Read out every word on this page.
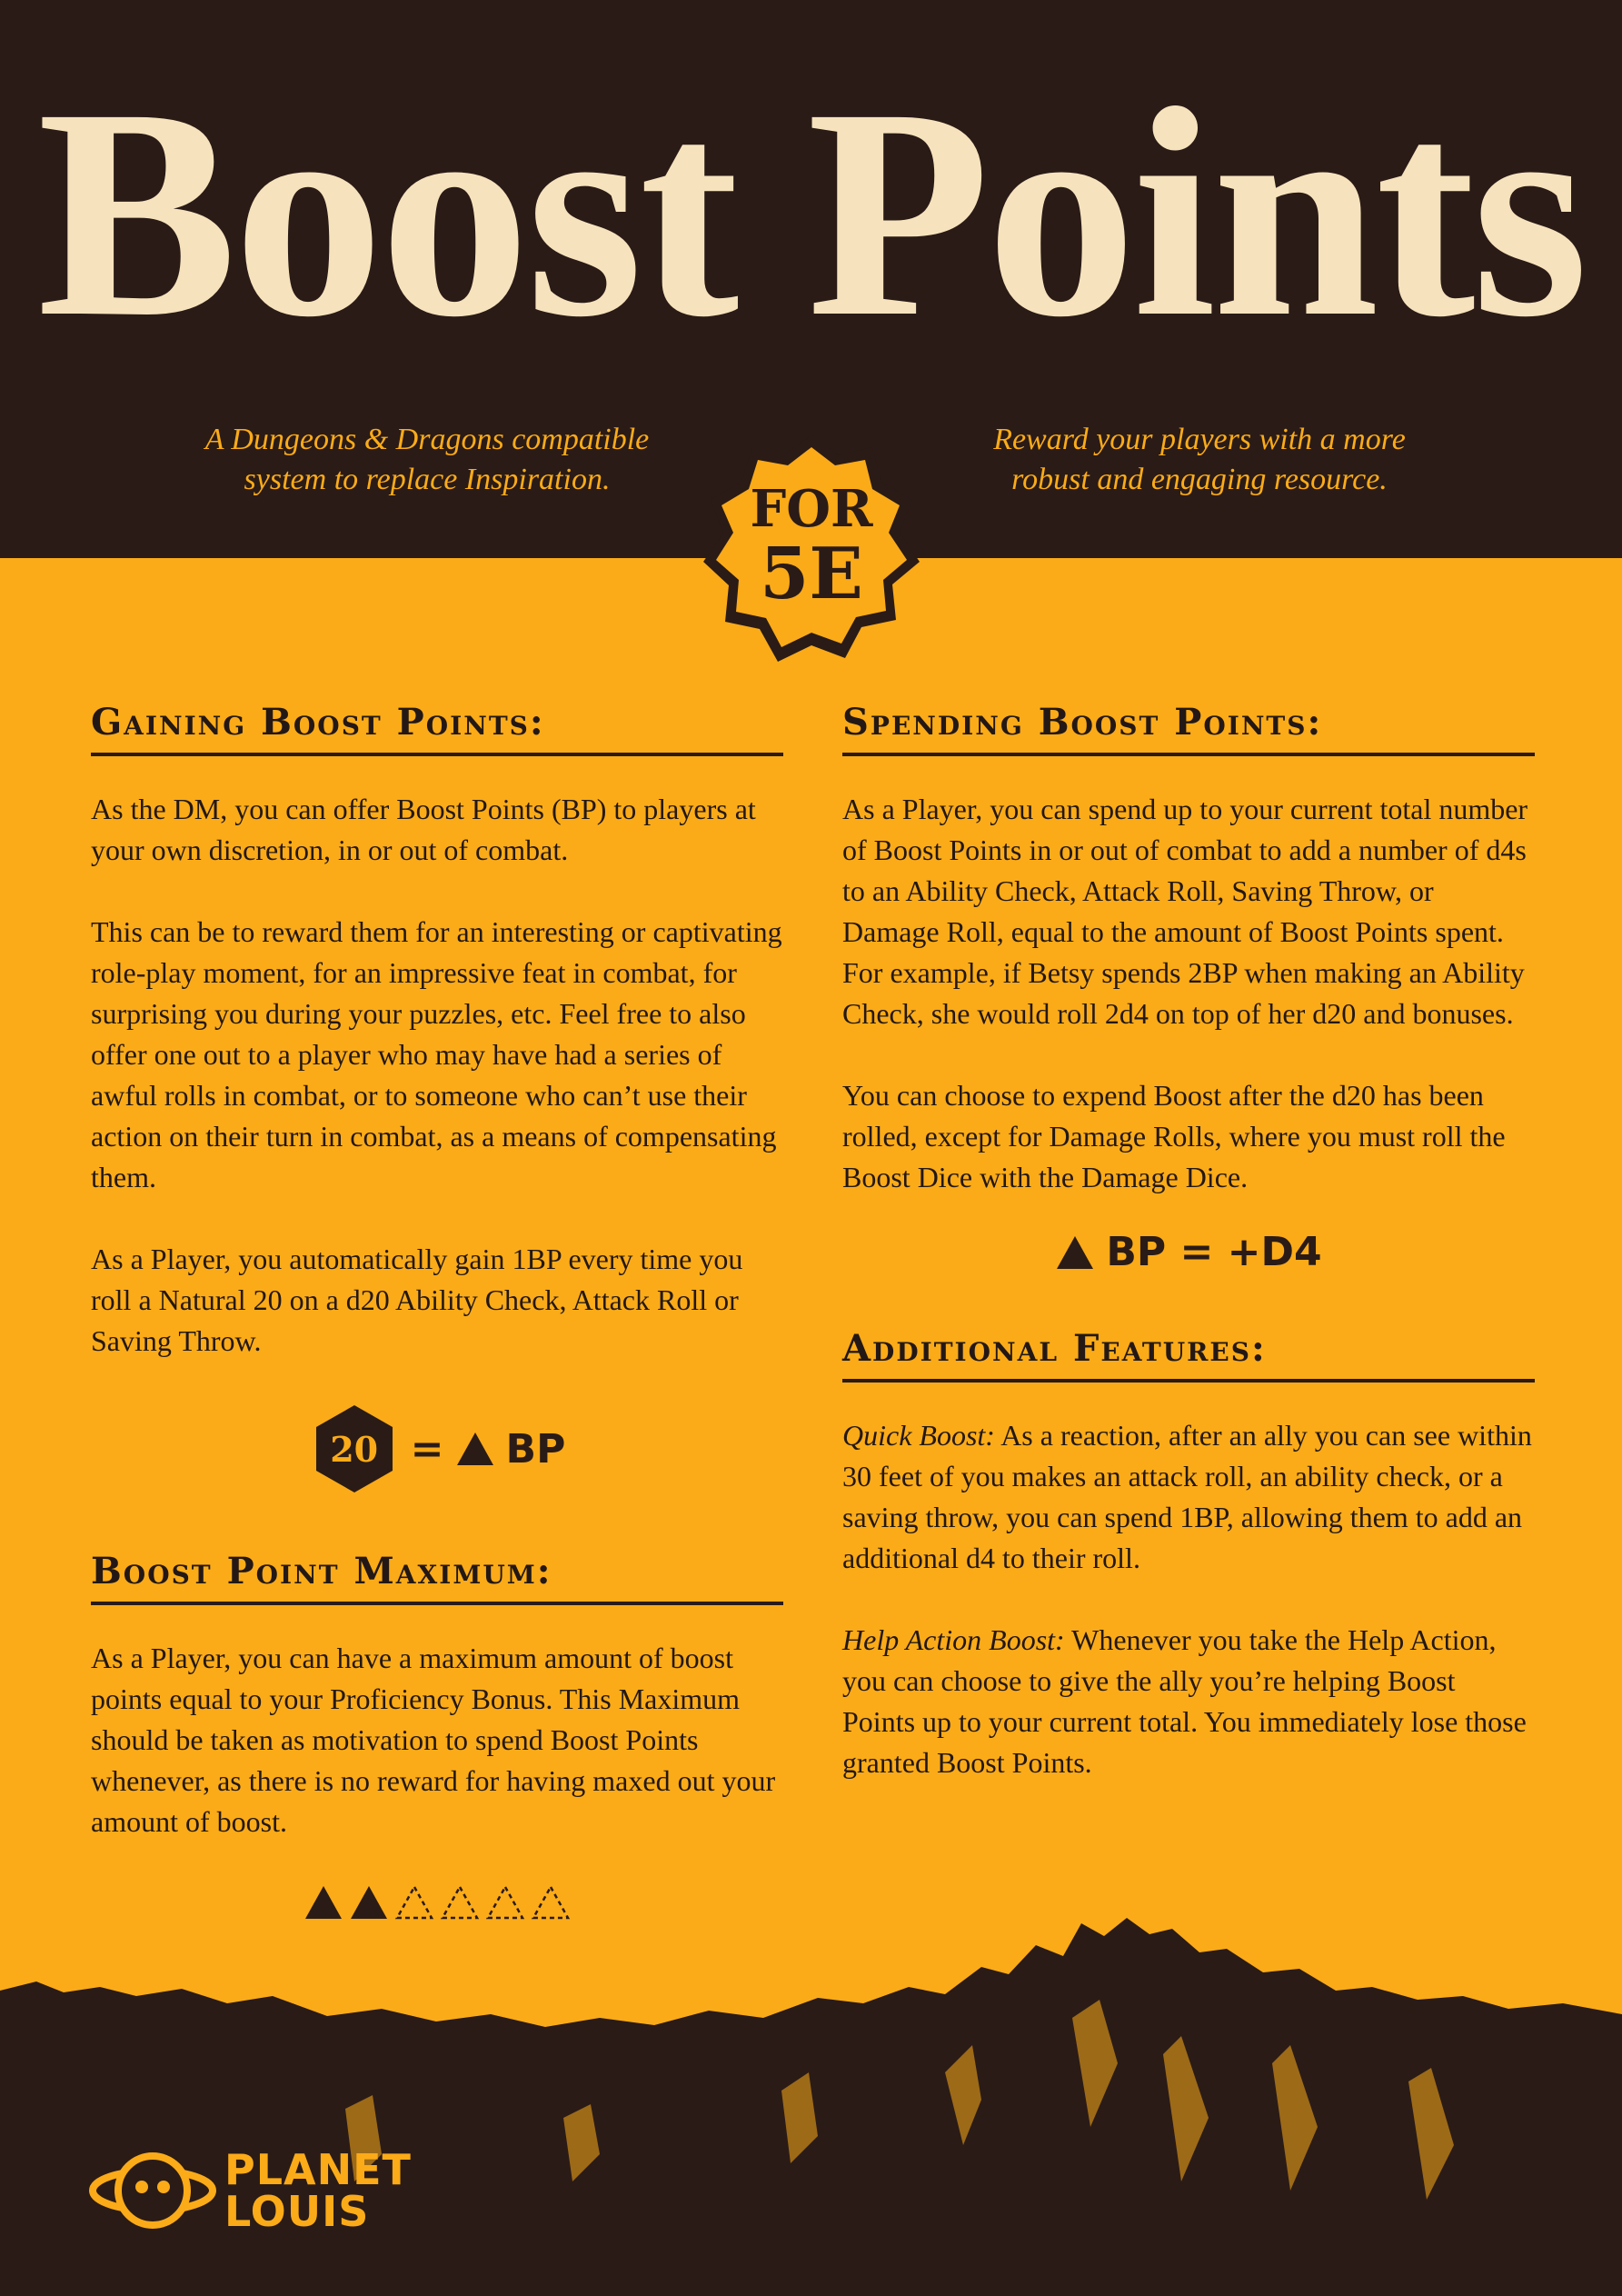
Boost Points
A Dungeons & Dragons compatible
system to replace Inspiration.
Reward your players with a more
robust and engaging resource.
FOR
5E
Gaining Boost Points:

As the DM, you can offer Boost Points (BP) to players at your own discretion, in or out of combat.

This can be to reward them for an interesting or captivating role-play moment, for an impressive feat in combat, for surprising you during your puzzles, etc. Feel free to also offer one out to a player who may have had a series of awful rolls in combat, or to someone who can’t use their action on their turn in combat, as a means of compensating them.

As a Player, you automatically gain 1BP every time you roll a Natural 20 on a d20 Ability Check, Attack Roll or Saving Throw.

20 = BP
Boost Point Maximum:

As a Player, you can have a maximum amount of boost points equal to your Proficiency Bonus. This Maximum should be taken as motivation to spend Boost Points whenever, as there is no reward for having maxed out your amount of boost.

Spending Boost Points:

As a Player, you can spend up to your current total number of Boost Points in or out of combat to add a number of d4s to an Ability Check, Attack Roll, Saving Throw, or Damage Roll, equal to the amount of Boost Points spent. For example, if Betsy spends 2BP when making an Ability Check, she would roll 2d4 on top of her d20 and bonuses.

You can choose to expend Boost after the d20 has been rolled, except for Damage Rolls, where you must roll the Boost Dice with the Damage Dice.

BP = +D4
Additional Features:

Quick Boost: As a reaction, after an ally you can see within 30 feet of you makes an attack roll, an ability check, or a saving throw, you can spend 1BP, allowing them to add an additional d4 to their roll.

Help Action Boost: Whenever you take the Help Action, you can choose to give the ally you’re helping Boost Points up to your current total. You immediately lose those granted Boost Points.

PLANET
LOUIS
